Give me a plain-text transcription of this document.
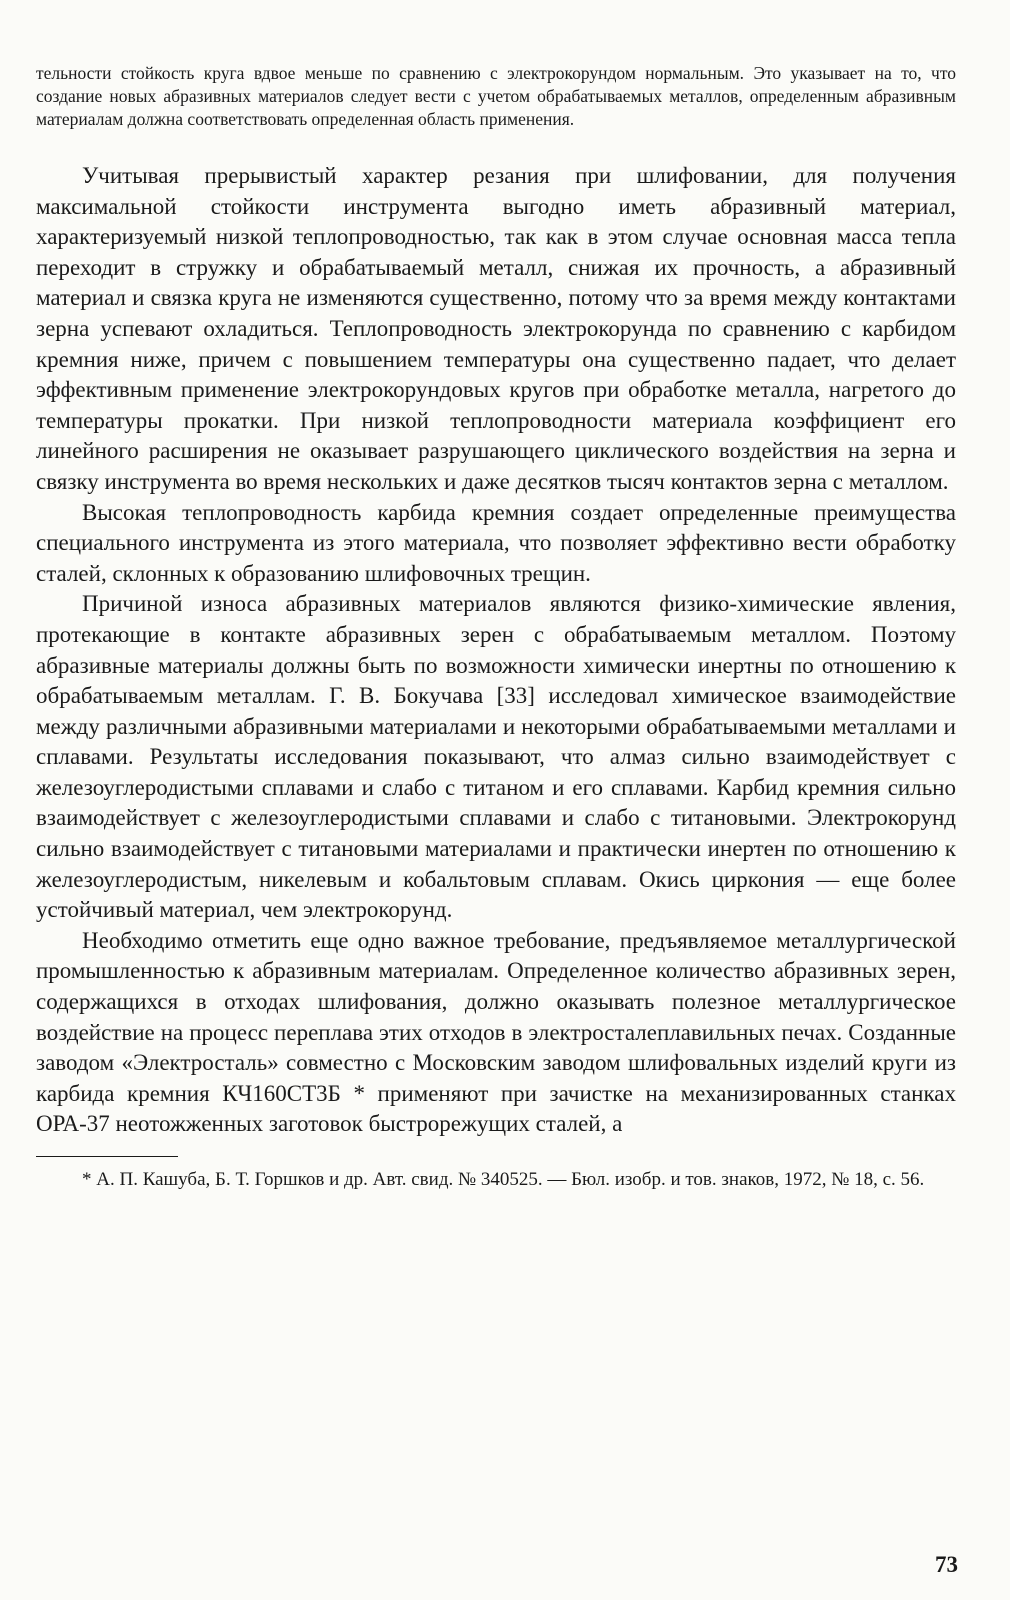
тельности стойкость круга вдвое меньше по сравнению с электрокорундом нормальным. Это указывает на то, что создание новых абразивных материалов следует вести с учетом обрабатываемых металлов, определенным абразивным материалам должна соответствовать определенная область применения.

Учитывая прерывистый характер резания при шлифовании, для получения максимальной стойкости инструмента выгодно иметь абразивный материал, характеризуемый низкой теплопроводностью, так как в этом случае основная масса тепла переходит в стружку и обрабатываемый металл, снижая их прочность, а абразивный материал и связка круга не изменяются существенно, потому что за время между контактами зерна успевают охладиться. Теплопроводность электрокорунда по сравнению с карбидом кремния ниже, причем с повышением температуры она существенно падает, что делает эффективным применение электрокорундовых кругов при обработке металла, нагретого до температуры прокатки. При низкой теплопроводности материала коэффициент его линейного расширения не оказывает разрушающего циклического воздействия на зерна и связку инструмента во время нескольких и даже десятков тысяч контактов зерна с металлом.

Высокая теплопроводность карбида кремния создает определенные преимущества специального инструмента из этого материала, что позволяет эффективно вести обработку сталей, склонных к образованию шлифовочных трещин.

Причиной износа абразивных материалов являются физико-химические явления, протекающие в контакте абразивных зерен с обрабатываемым металлом. Поэтому абразивные материалы должны быть по возможности химически инертны по отношению к обрабатываемым металлам. Г. В. Бокучава [33] исследовал химическое взаимодействие между различными абразивными материалами и некоторыми обрабатываемыми металлами и сплавами. Результаты исследования показывают, что алмаз сильно взаимодействует с железоуглеродистыми сплавами и слабо с титаном и его сплавами. Карбид кремния сильно взаимодействует с железоуглеродистыми сплавами и слабо с титановыми. Электрокорунд сильно взаимодействует с титановыми материалами и практически инертен по отношению к железоуглеродистым, никелевым и кобальтовым сплавам. Окись циркония — еще более устойчивый материал, чем электрокорунд.

Необходимо отметить еще одно важное требование, предъявляемое металлургической промышленностью к абразивным материалам. Определенное количество абразивных зерен, содержащихся в отходах шлифования, должно оказывать полезное металлургическое воздействие на процесс переплава этих отходов в электросталеплавильных печах. Созданные заводом «Электросталь» совместно с Московским заводом шлифовальных изделий круги из карбида кремния КЧ160СТ3Б * применяют при зачистке на механизированных станках ОРА-37 неотожженных заготовок быстрорежущих сталей, а

* А. П. Кашуба, Б. Т. Горшков и др. Авт. свид. № 340525. — Бюл. изобр. и тов. знаков, 1972, № 18, с. 56.

73
